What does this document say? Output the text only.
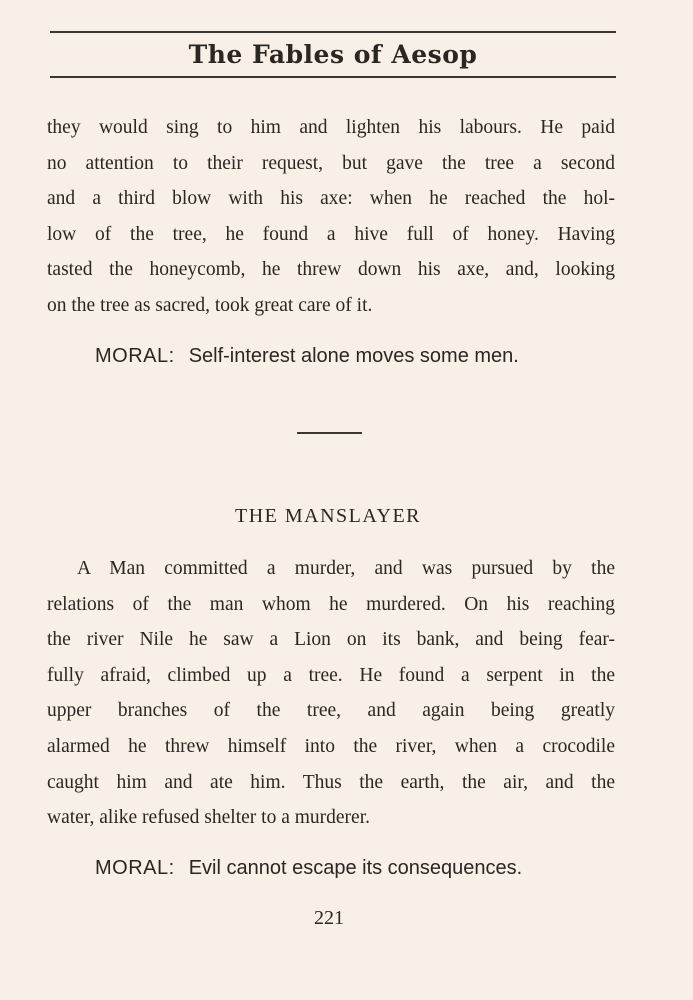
The Fables of Aesop
they would sing to him and lighten his labours. He paid
no attention to their request, but gave the tree a second
and a third blow with his axe: when he reached the hol-
low of the tree, he found a hive full of honey. Having
tasted the honeycomb, he threw down his axe, and, looking
on the tree as sacred, took great care of it.
MORAL: Self-interest alone moves some men.
THE MANSLAYER
A Man committed a murder, and was pursued by the
relations of the man whom he murdered. On his reaching
the river Nile he saw a Lion on its bank, and being fear-
fully afraid, climbed up a tree. He found a serpent in the
upper branches of the tree, and again being greatly
alarmed he threw himself into the river, when a crocodile
caught him and ate him. Thus the earth, the air, and the
water, alike refused shelter to a murderer.
MORAL: Evil cannot escape its consequences.
221
